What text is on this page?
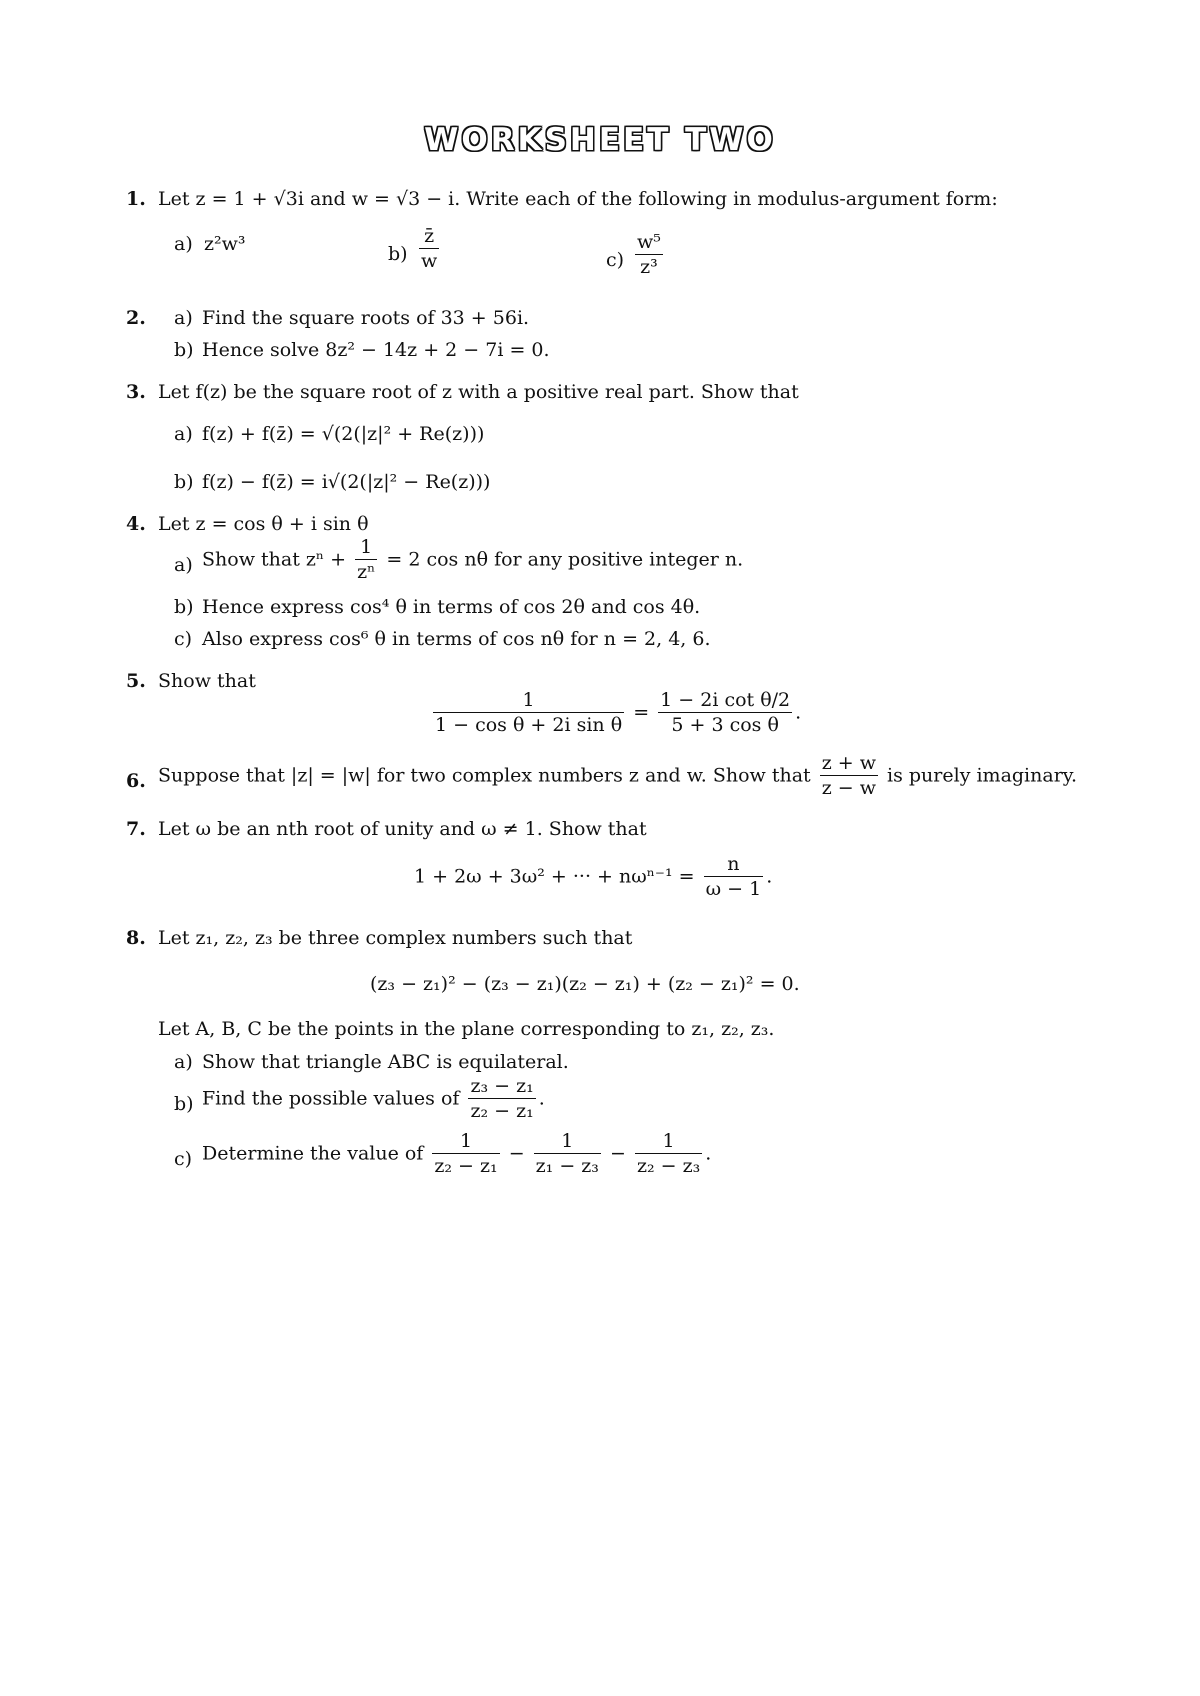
WORKSHEET TWO
1. Let z = 1 + √3i and w = √3 − i. Write each of the following in modulus-argument form:
a) z²w³	$b) \frac{z̄}{w}$	$c) \frac{\text{w⁵}}{\text{z³}}$
2. a) Find the square roots of 33 + 56i.
b) Hence solve 8z² − 14z + 2 − 7i = 0.
3. Let f(z) be the square root of z with a positive real part. Show that
a) f(z) + f(z̄) = √(2(|z|² + Re(z)))
b) f(z) − f(z̄) = i√(2(|z|² − Re(z)))
4. Let z = cos θ + i sin θ
a) Show that $z^n + \frac{1}{\text{zⁿ}} = 2$ cos nθ for any positive integer n.
b) Hence express cos⁴ θ in terms of cos 2θ and cos 4θ.
c) Also express cos⁶ θ in terms of cos nθ for n = 2, 4, 6.
5. Show that
$\frac{1}{\text{1 − cos θ + 2i sin θ}} = \frac{\text{1 − 2i cot θ/2}}{\text{5 + 3 cos θ}}$ .
6. Suppose that |z| = |w| for two complex numbers z and w. Show that $\frac{z + w}{z - w}$ is purely imaginary.
7. Let ω be an nth root of unity and ω ≠ 1. Show that
1 + 2ω + 3ω² + ··· + $n\omega^{n-1} = \frac{n}{\omega - 1}$ .
8. Let z₁, z₂, z₃ be three complex numbers such that
(z₃ − z₁)² − (z₃ − z₁)(z₂ − z₁) + (z₂ − z₁)² = 0.
Let A, B, C be the points in the plane corresponding to z₁, z₂, z₃.
a) Show that triangle ABC is equilateral.
b) Find the possible values of $\frac{\text{z₃ − z₁}}{\text{z₂ − z₁}}$ .
c) Determine the value of $\frac{1}{\text{z₂ − z₁}} - \frac{1}{\text{z₁ − z₃}} - \frac{1}{\text{z₂ − z₃}}$ .
